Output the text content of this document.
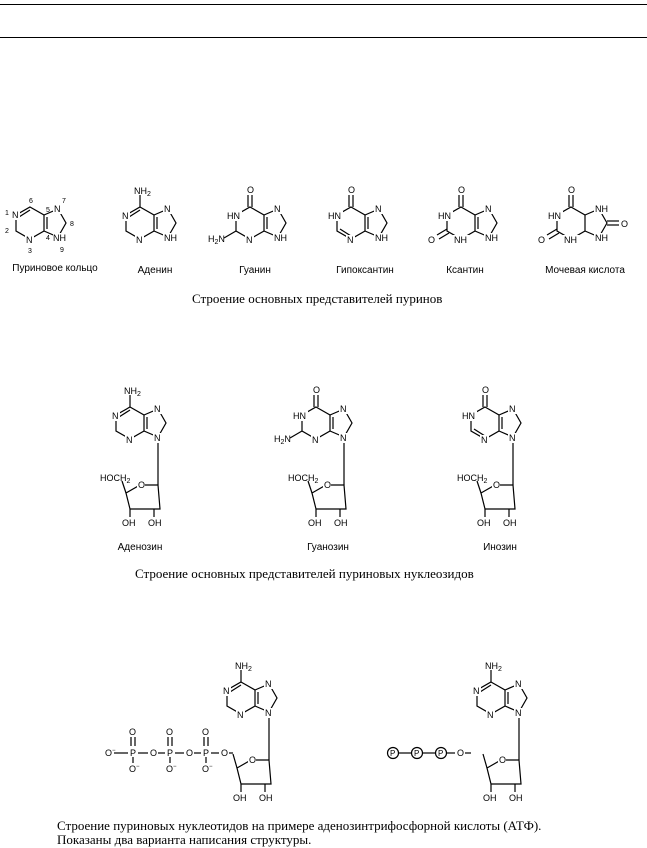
N
N
N
NH
1
2
3
4
5
6	7
8
9
Пуриновое кольцо
$NH_2$
N
N
N
NH
Аденин
O
HN
N
N
NH
$H_2N$
Гуанин
O
HN
N
N
NH
Гипоксантин
O
O
HN
NH
N
NH
Ксантин
O
O
O
HN
NH
NH
NH
Мочевая кислота
Строение основных представителей пуринов
$NH_2$
N
N
N
N
O
$HOCH_2$
OH OH
Аденозин
O
HN
N
N
N
$H_2N$
O
$HOCH_2$
OH OH
Гуанозин
O
HN
N
N
N
O
$HOCH_2$
OH OH
Инозин
Строение основных представителей пуриновых нуклеозидов
$NH_2$
N
N
N
N
O
OH OH
O − P O P O P O
O	O	O
O −	O −	O −
$NH_2$
N
N
N
N
O
OH OH
P P P O
Строение пуриновых нуклеотидов на примере аденозинтрифосфорной кислоты (АТФ).
Показаны два варианта написания структуры.
